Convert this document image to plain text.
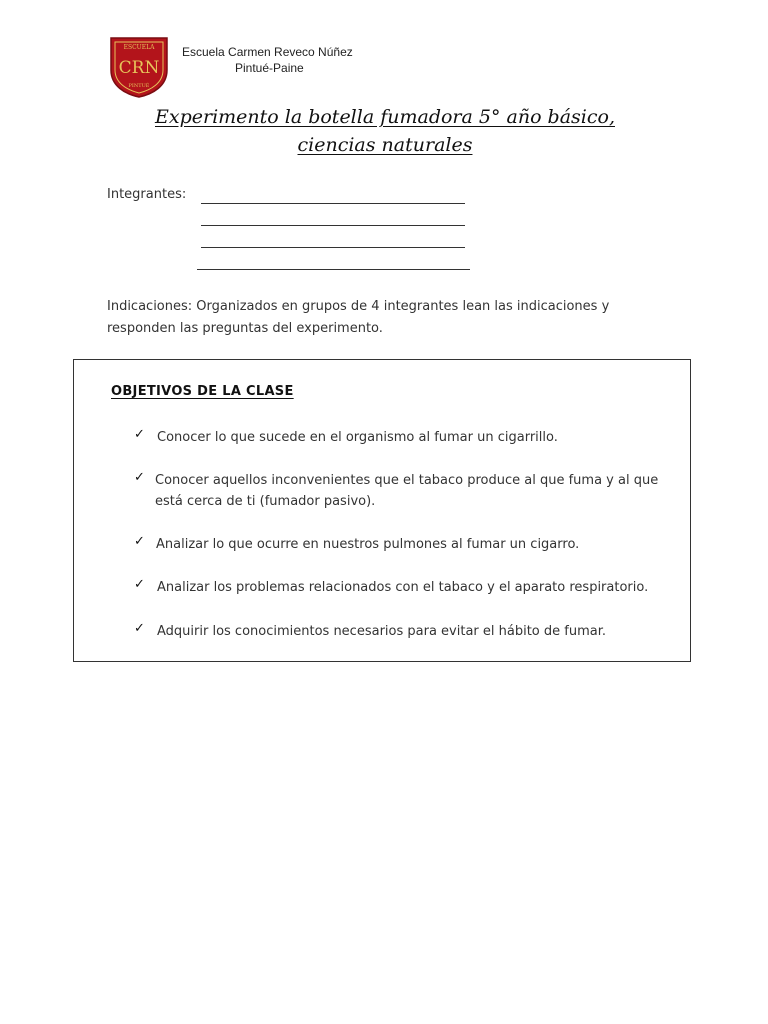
ESCUELA
CRN
PINTUÉ
Escuela Carmen Reveco Núñez
Pintué-Paine
Experimento la botella fumadora 5° año básico,
ciencias naturales
Integrantes:
Indicaciones: Organizados en grupos de 4 integrantes lean las indicaciones y responden las preguntas del experimento.
OBJETIVOS DE LA CLASE
✓ Conocer lo que sucede en el organismo al fumar un cigarrillo.
✓ Conocer aquellos inconvenientes que el tabaco produce al que fuma y al que está cerca de ti (fumador pasivo).
✓ Analizar lo que ocurre en nuestros pulmones al fumar un cigarro.
✓ Analizar los problemas relacionados con el tabaco y el aparato respiratorio.
✓ Adquirir los conocimientos necesarios para evitar el hábito de fumar.
